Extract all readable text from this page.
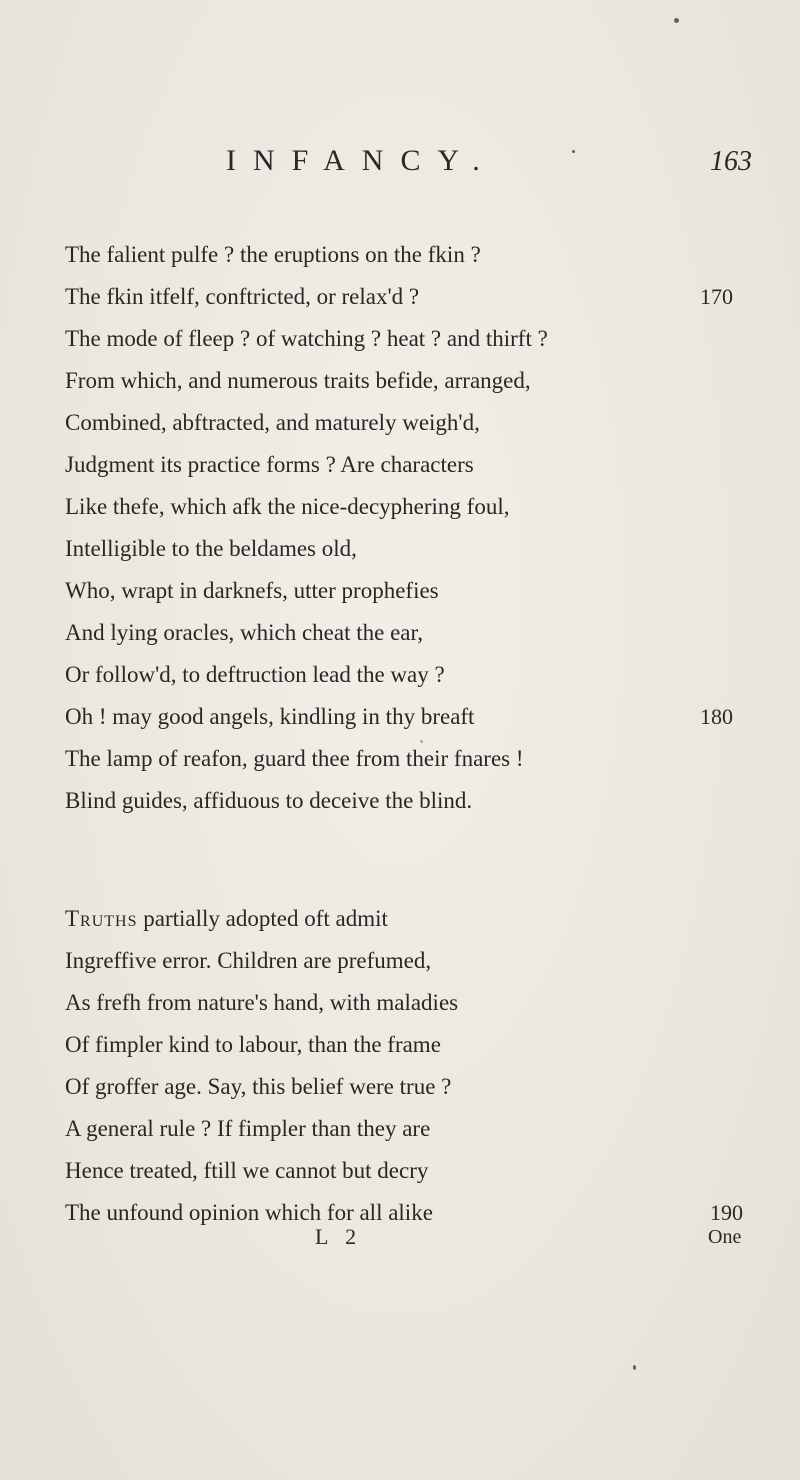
INFANCY.	163
The falient pulfe ? the eruptions on the fkin ?
The fkin itfelf, conftricted, or relax'd ?	170
The mode of fleep ? of watching ? heat ? and thirft ?
From which, and numerous traits befide, arranged,
Combined, abftracted, and maturely weigh'd,
Judgment its practice forms ? Are characters
Like thefe, which afk the nice-decyphering foul,
Intelligible to the beldames old,
Who, wrapt in darknefs, utter prophefies
And lying oracles, which cheat the ear,
Or follow'd, to deftruction lead the way ?
Oh ! may good angels, kindling in thy breaft	180
The lamp of reafon, guard thee from their fnares !
Blind guides, affiduous to deceive the blind.
Truths partially adopted oft admit
Ingreffive error. Children are prefumed,
As frefh from nature's hand, with maladies
Of fimpler kind to labour, than the frame
Of groffer age. Say, this belief were true ?
A general rule ? If fimpler than they are
Hence treated, ftill we cannot but decry
The unfound opinion which for all alike	190
L 2	One
